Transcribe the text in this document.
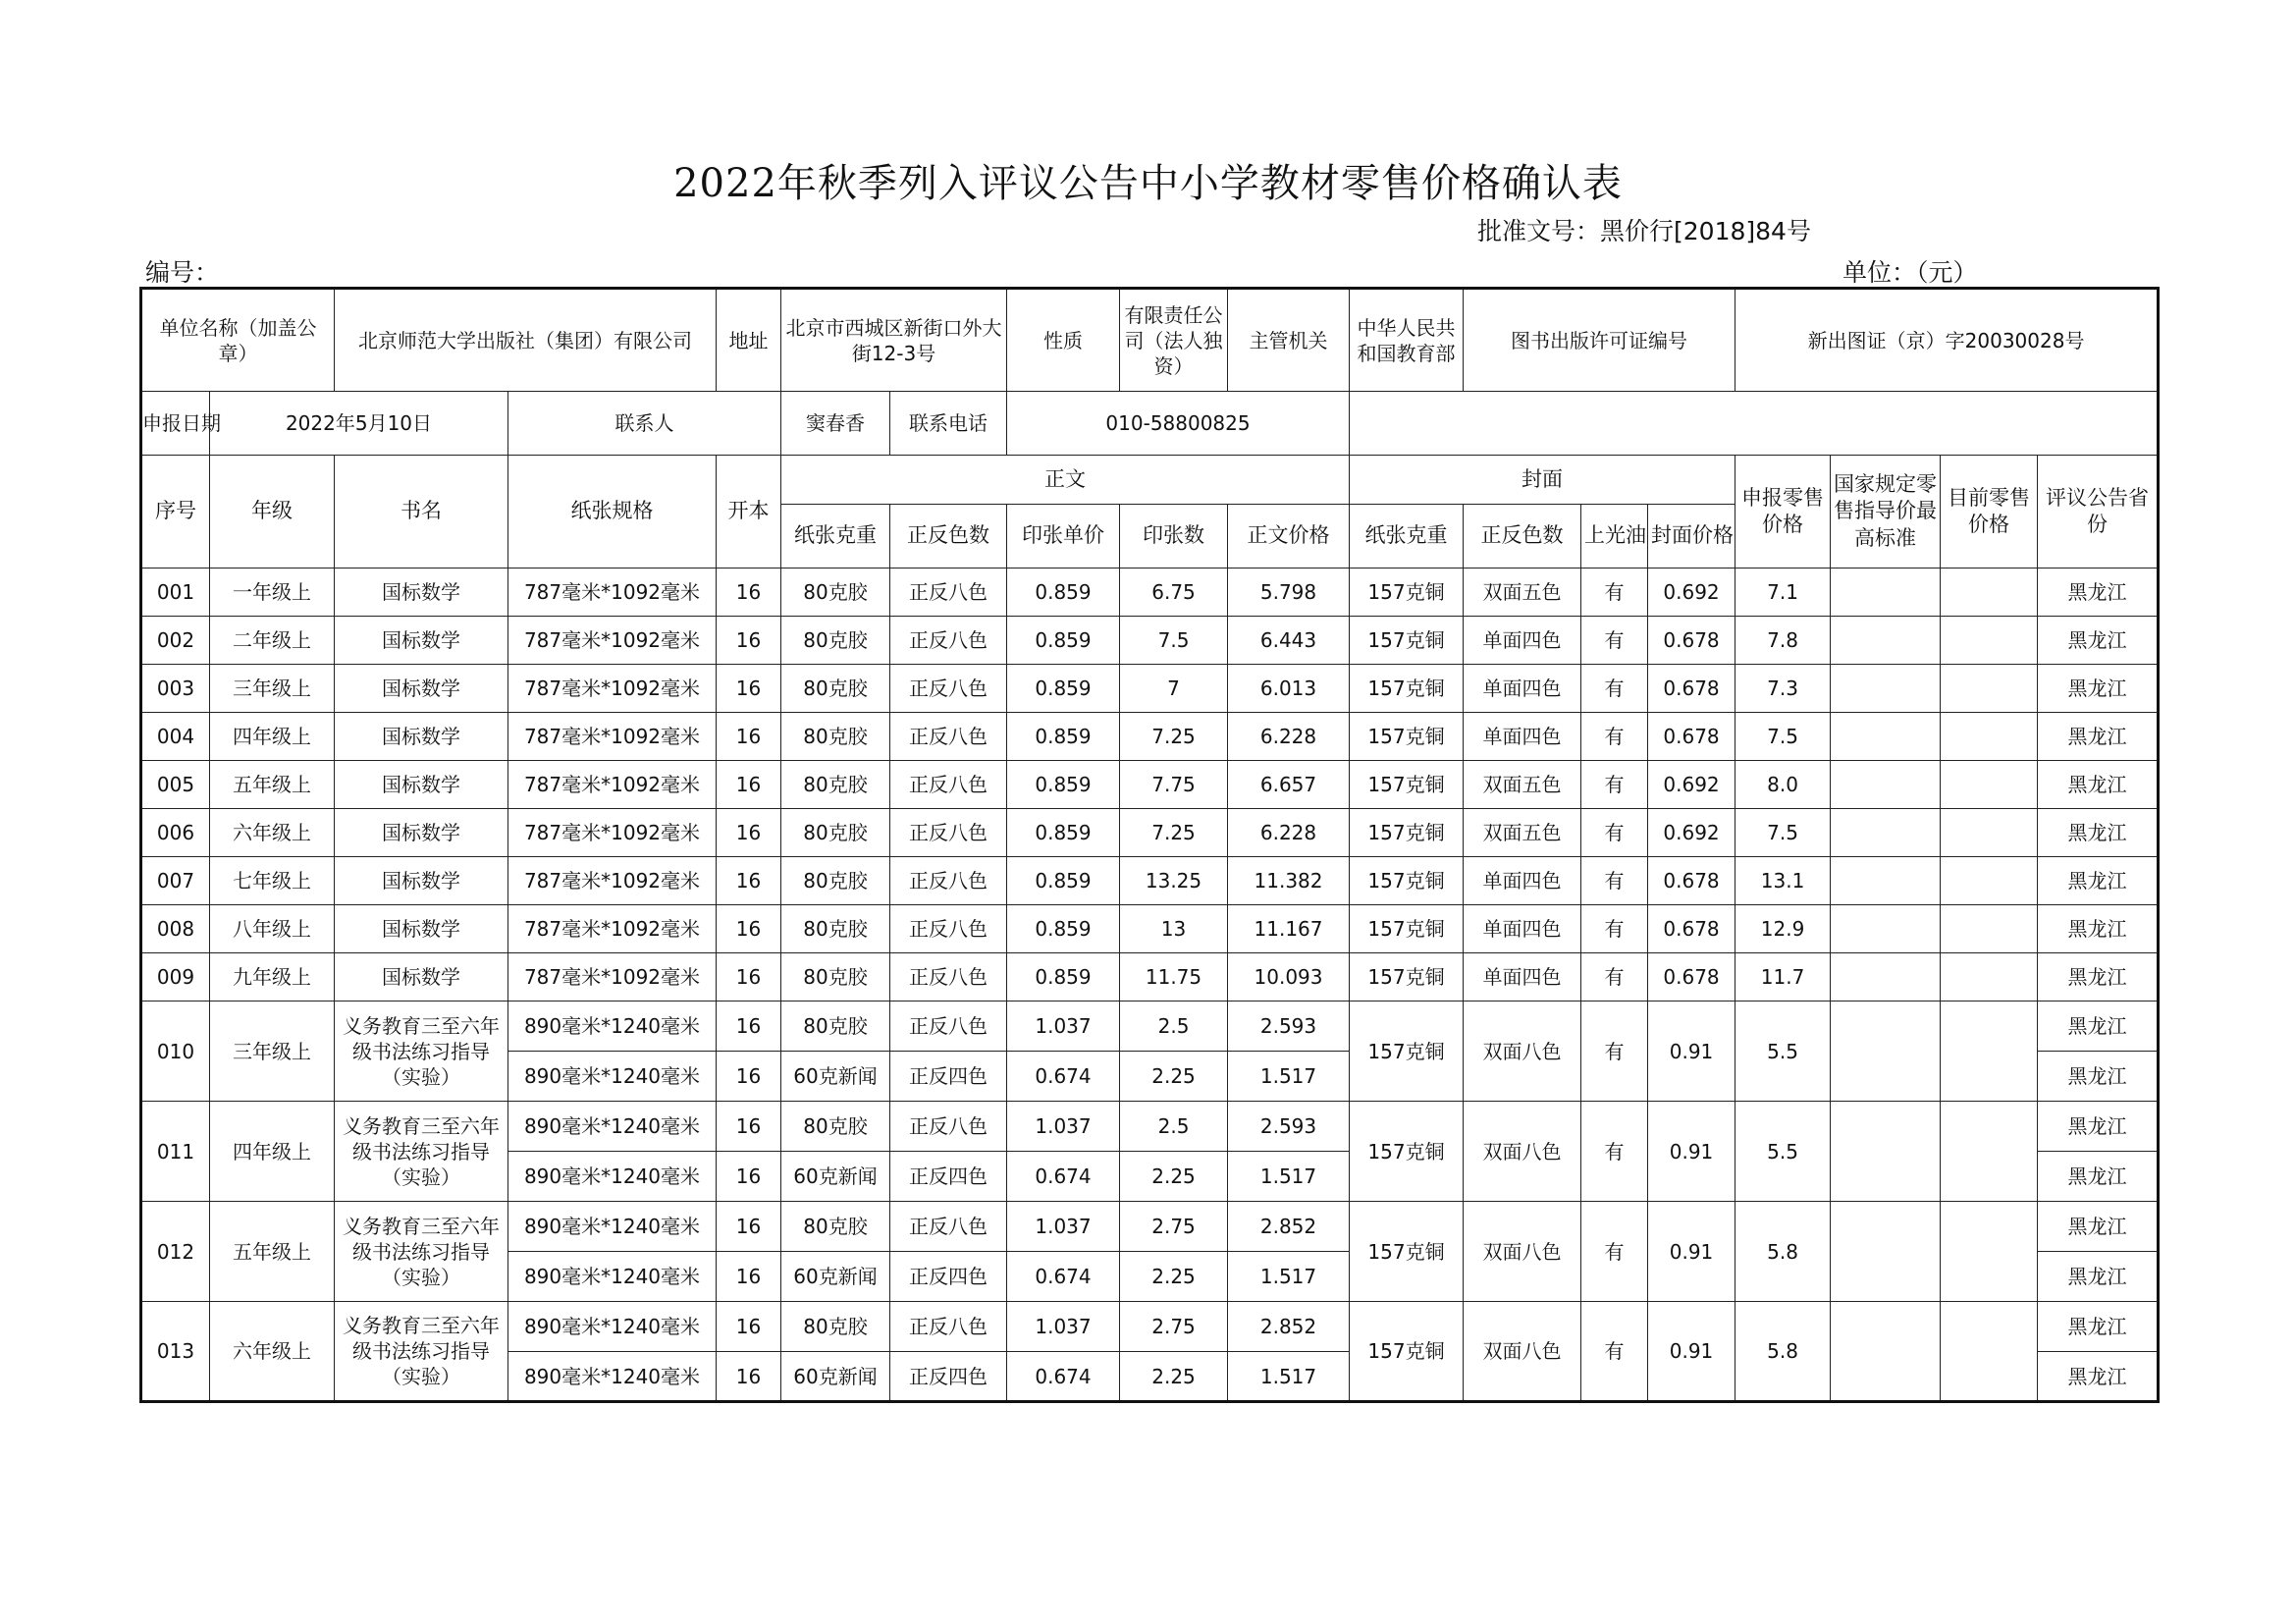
2022年秋季列入评议公告中小学教材零售价格确认表
批准文号：黑价行[2018]84号
编号：	单位：（元）
单位名称（加盖公章）		北京师范大学出版社（集团）有限公司		地址	北京市西城区新街口外大街12-3号		性质	有限责任公司（法人独资）	主管机关	中华人民共和国教育部	图书出版许可证编号			新出图证（京）字20030028号			
申报日期	2022年5月10日		联系人		窦春香	联系电话	010-58800825										
序号	年级	书名	纸张规格	开本	正文					封面				申报零售价格	国家规定零售指导价最高标准	目前零售价格	评议公告省份
					纸张克重	正反色数	印张单价	印张数	正文价格	纸张克重	正反色数	上光油	封面价格				
001	一年级上	国标数学	787毫米*1092毫米	16	80克胶	正反八色	0.859	6.75	5.798	157克铜	双面五色	有	0.692	7.1			黑龙江
002	二年级上	国标数学	787毫米*1092毫米	16	80克胶	正反八色	0.859	7.5	6.443	157克铜	单面四色	有	0.678	7.8			黑龙江
003	三年级上	国标数学	787毫米*1092毫米	16	80克胶	正反八色	0.859	7	6.013	157克铜	单面四色	有	0.678	7.3			黑龙江
004	四年级上	国标数学	787毫米*1092毫米	16	80克胶	正反八色	0.859	7.25	6.228	157克铜	单面四色	有	0.678	7.5			黑龙江
005	五年级上	国标数学	787毫米*1092毫米	16	80克胶	正反八色	0.859	7.75	6.657	157克铜	双面五色	有	0.692	8.0			黑龙江
006	六年级上	国标数学	787毫米*1092毫米	16	80克胶	正反八色	0.859	7.25	6.228	157克铜	双面五色	有	0.692	7.5			黑龙江
007	七年级上	国标数学	787毫米*1092毫米	16	80克胶	正反八色	0.859	13.25	11.382	157克铜	单面四色	有	0.678	13.1			黑龙江
008	八年级上	国标数学	787毫米*1092毫米	16	80克胶	正反八色	0.859	13	11.167	157克铜	单面四色	有	0.678	12.9			黑龙江
009	九年级上	国标数学	787毫米*1092毫米	16	80克胶	正反八色	0.859	11.75	10.093	157克铜	单面四色	有	0.678	11.7			黑龙江
010	三年级上	义务教育三至六年级书法练习指导（实验）	890毫米*1240毫米	16	80克胶	正反八色	1.037	2.5	2.593	157克铜	双面八色	有	0.91	5.5			黑龙江
			890毫米*1240毫米	16	60克新闻	正反四色	0.674	2.25	1.517								黑龙江
011	四年级上	义务教育三至六年级书法练习指导（实验）	890毫米*1240毫米	16	80克胶	正反八色	1.037	2.5	2.593	157克铜	双面八色	有	0.91	5.5			黑龙江
			890毫米*1240毫米	16	60克新闻	正反四色	0.674	2.25	1.517								黑龙江
012	五年级上	义务教育三至六年级书法练习指导（实验）	890毫米*1240毫米	16	80克胶	正反八色	1.037	2.75	2.852	157克铜	双面八色	有	0.91	5.8			黑龙江
			890毫米*1240毫米	16	60克新闻	正反四色	0.674	2.25	1.517								黑龙江
013	六年级上	义务教育三至六年级书法练习指导（实验）	890毫米*1240毫米	16	80克胶	正反八色	1.037	2.75	2.852	157克铜	双面八色	有	0.91	5.8			黑龙江
			890毫米*1240毫米	16	60克新闻	正反四色	0.674	2.25	1.517								黑龙江
